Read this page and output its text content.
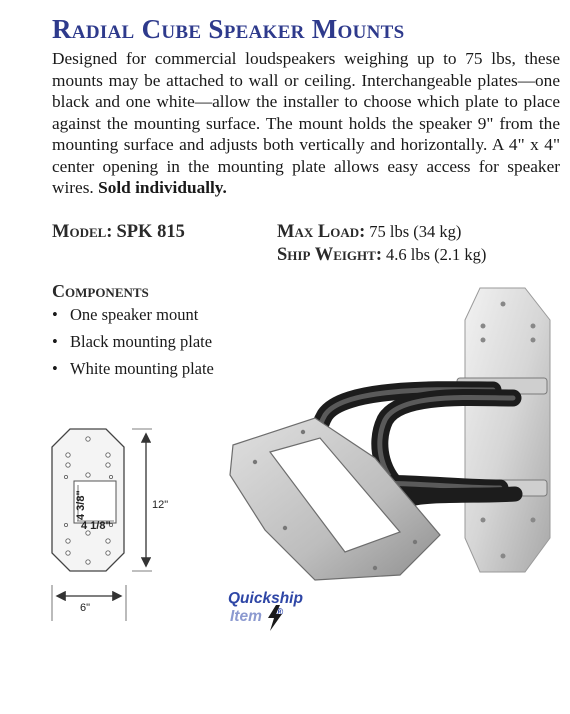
Radial Cube Speaker Mounts
Designed for commercial loudspeakers weighing up to 75 lbs, these mounts may be attached to wall or ceiling. Interchangeable plates—one black and one white—allow the installer to choose which plate to place against the mounting surface. The mount holds the speaker 9" from the mounting surface and adjusts both vertically and horizontally. A 4" x 4" center opening in the mounting plate allows easy access for speaker wires. Sold individually.
Model: SPK 815	Max Load: 75 lbs (34 kg)
Ship Weight: 4.6 lbs (2.1 kg)
Components
• One speaker mount
• Black mounting plate
• White mounting plate
4 3/8"
4 1/8"
12"
6"
Quickship
Item ®
